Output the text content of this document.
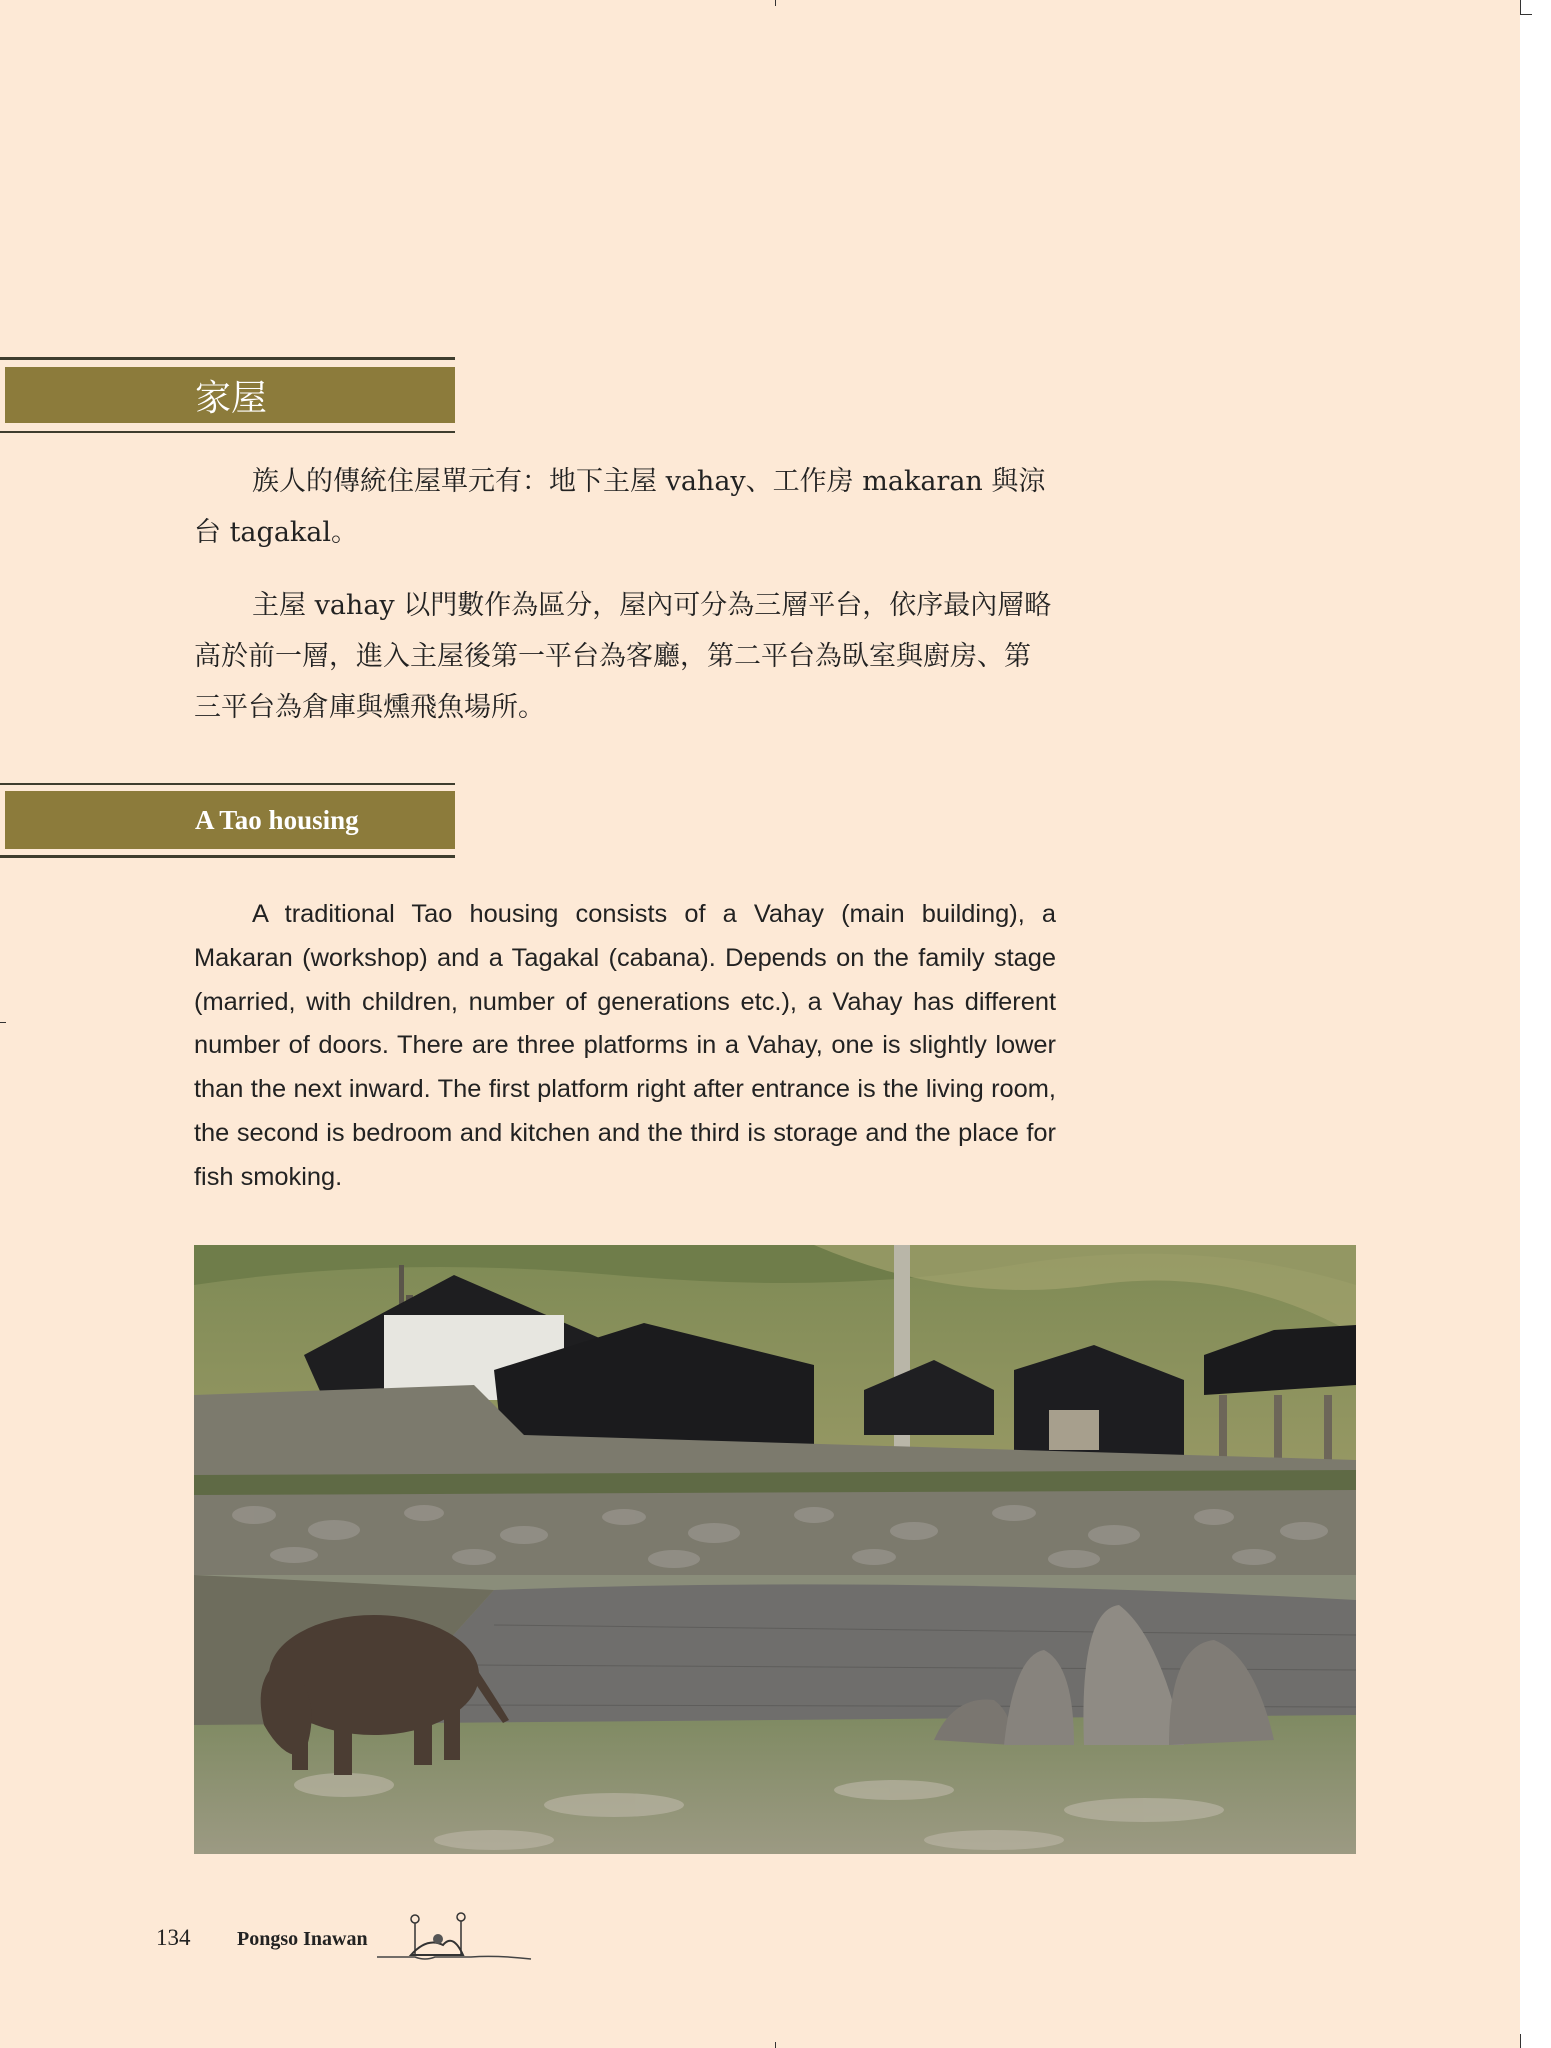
家屋

族人的傳統住屋單元有：地下主屋 vahay、工作房 makaran 與涼台 tagakal。

主屋 vahay 以門數作為區分，屋內可分為三層平台，依序最內層略高於前一層，進入主屋後第一平台為客廳，第二平台為臥室與廚房、第三平台為倉庫與燻飛魚場所。

A Tao housing

A traditional Tao housing consists of a Vahay (main building), a Makaran (workshop) and a Tagakal (cabana). Depends on the family stage (married, with children, number of generations etc.), a Vahay has different number of doors. There are three platforms in a Vahay, one is slightly lower than the next inward. The first platform right after entrance is the living room, the second is bedroom and kitchen and the third is storage and the place for fish smoking.

134 Pongso Inawan
